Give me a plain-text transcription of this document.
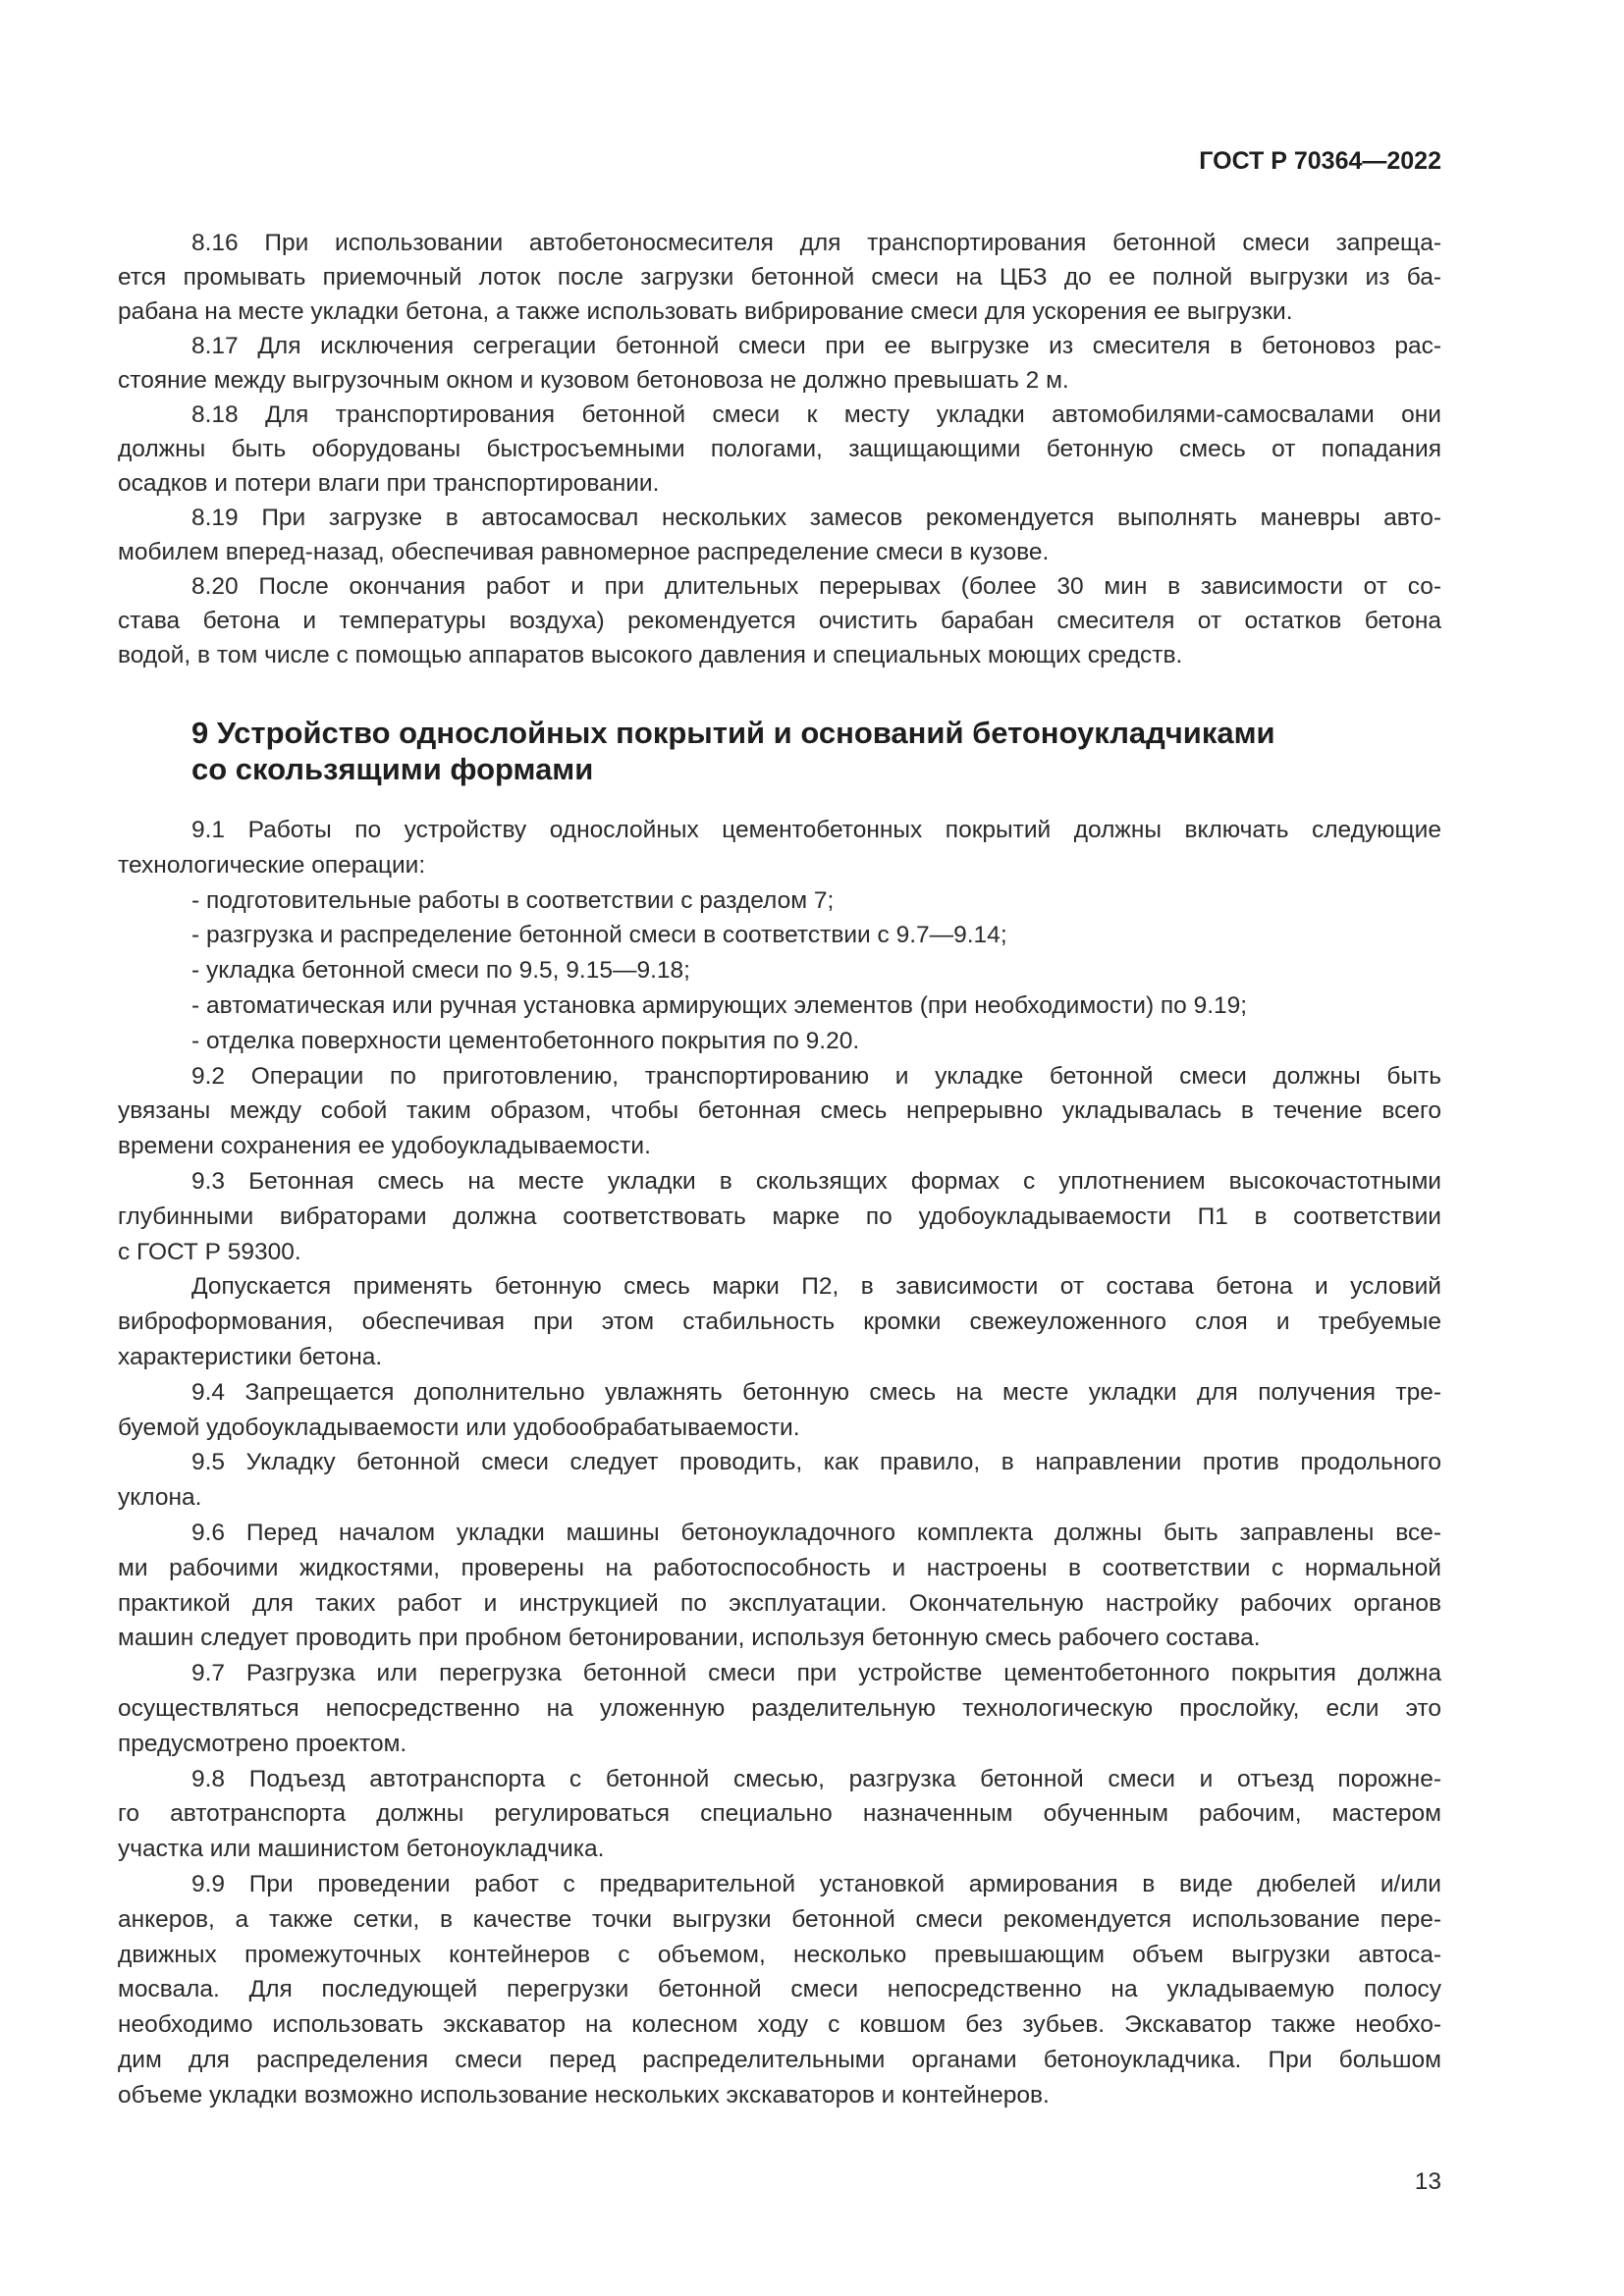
ГОСТ Р 70364—2022
8.16 При использовании автобетоносмесителя для транспортирования бетонной смеси запреща-
ется промывать приемочный лоток после загрузки бетонной смеси на ЦБЗ до ее полной выгрузки из ба-
рабана на месте укладки бетона, а также использовать вибрирование смеси для ускорения ее выгрузки.
8.17 Для исключения сегрегации бетонной смеси при ее выгрузке из смесителя в бетоновоз рас-
стояние между выгрузочным окном и кузовом бетоновоза не должно превышать 2 м.
8.18 Для транспортирования бетонной смеси к месту укладки автомобилями-самосвалами они
должны быть оборудованы быстросъемными пологами, защищающими бетонную смесь от попадания
осадков и потери влаги при транспортировании.
8.19 При загрузке в автосамосвал нескольких замесов рекомендуется выполнять маневры авто-
мобилем вперед-назад, обеспечивая равномерное распределение смеси в кузове.
8.20 После окончания работ и при длительных перерывах (более 30 мин в зависимости от со-
става бетона и температуры воздуха) рекомендуется очистить барабан смесителя от остатков бетона
водой, в том числе с помощью аппаратов высокого давления и специальных моющих средств.
9 Устройство однослойных покрытий и оснований бетоноукладчиками
со скользящими формами
9.1 Работы по устройству однослойных цементобетонных покрытий должны включать следующие
технологические операции:
- подготовительные работы в соответствии с разделом 7;
- разгрузка и распределение бетонной смеси в соответствии с 9.7—9.14;
- укладка бетонной смеси по 9.5, 9.15—9.18;
- автоматическая или ручная установка армирующих элементов (при необходимости) по 9.19;
- отделка поверхности цементобетонного покрытия по 9.20.
9.2 Операции по приготовлению, транспортированию и укладке бетонной смеси должны быть
увязаны между собой таким образом, чтобы бетонная смесь непрерывно укладывалась в течение всего
времени сохранения ее удобоукладываемости.
9.3 Бетонная смесь на месте укладки в скользящих формах с уплотнением высокочастотными
глубинными вибраторами должна соответствовать марке по удобоукладываемости П1 в соответствии
с ГОСТ Р 59300.
Допускается применять бетонную смесь марки П2, в зависимости от состава бетона и условий
виброформования, обеспечивая при этом стабильность кромки свежеуложенного слоя и требуемые
характеристики бетона.
9.4 Запрещается дополнительно увлажнять бетонную смесь на месте укладки для получения тре-
буемой удобоукладываемости или удобообрабатываемости.
9.5 Укладку бетонной смеси следует проводить, как правило, в направлении против продольного
уклона.
9.6 Перед началом укладки машины бетоноукладочного комплекта должны быть заправлены все-
ми рабочими жидкостями, проверены на работоспособность и настроены в соответствии с нормальной
практикой для таких работ и инструкцией по эксплуатации. Окончательную настройку рабочих органов
машин следует проводить при пробном бетонировании, используя бетонную смесь рабочего состава.
9.7 Разгрузка или перегрузка бетонной смеси при устройстве цементобетонного покрытия должна
осуществляться непосредственно на уложенную разделительную технологическую прослойку, если это
предусмотрено проектом.
9.8 Подъезд автотранспорта с бетонной смесью, разгрузка бетонной смеси и отъезд порожне-
го автотранспорта должны регулироваться специально назначенным обученным рабочим, мастером
участка или машинистом бетоноукладчика.
9.9 При проведении работ с предварительной установкой армирования в виде дюбелей и/или
анкеров, а также сетки, в качестве точки выгрузки бетонной смеси рекомендуется использование пере-
движных промежуточных контейнеров с объемом, несколько превышающим объем выгрузки автоса-
мосвала. Для последующей перегрузки бетонной смеси непосредственно на укладываемую полосу
необходимо использовать экскаватор на колесном ходу с ковшом без зубьев. Экскаватор также необхо-
дим для распределения смеси перед распределительными органами бетоноукладчика. При большом
объеме укладки возможно использование нескольких экскаваторов и контейнеров.
13
